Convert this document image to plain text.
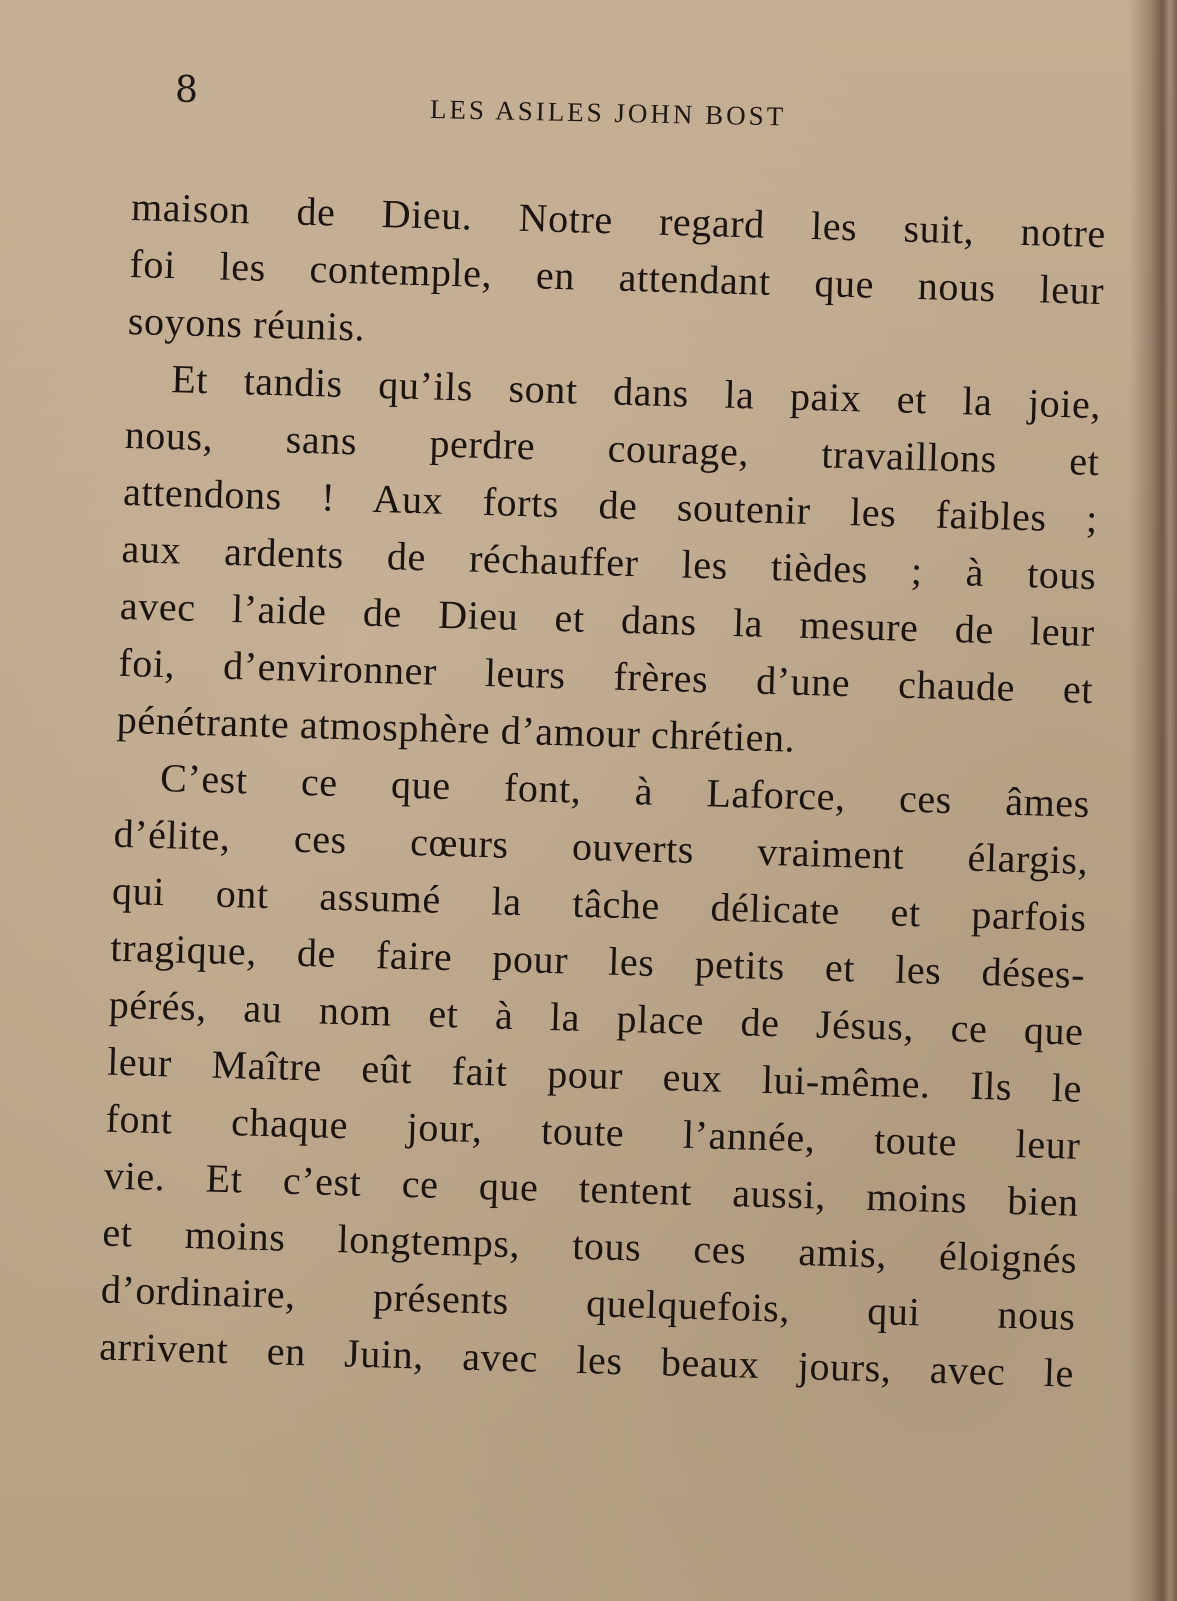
8
LES ASILES JOHN BOST
maison de Dieu. Notre regard les suit, notre
foi les contemple, en attendant que nous leur
soyons réunis.
Et tandis qu’ils sont dans la paix et la joie,
nous, sans perdre courage, travaillons et
attendons ! Aux forts de soutenir les faibles ;
aux ardents de réchauffer les tièdes ; à tous
avec l’aide de Dieu et dans la mesure de leur
foi, d’environner leurs frères d’une chaude et
pénétrante atmosphère d’amour chrétien.
C’est ce que font, à Laforce, ces âmes
d’élite, ces cœurs ouverts vraiment élargis,
qui ont assumé la tâche délicate et parfois
tragique, de faire pour les petits et les déses-
pérés, au nom et à la place de Jésus, ce que
leur Maître eût fait pour eux lui-même. Ils le
font chaque jour, toute l’année, toute leur
vie. Et c’est ce que tentent aussi, moins bien
et moins longtemps, tous ces amis, éloignés
d’ordinaire, présents quelquefois, qui nous
arrivent en Juin, avec les beaux jours, avec le
